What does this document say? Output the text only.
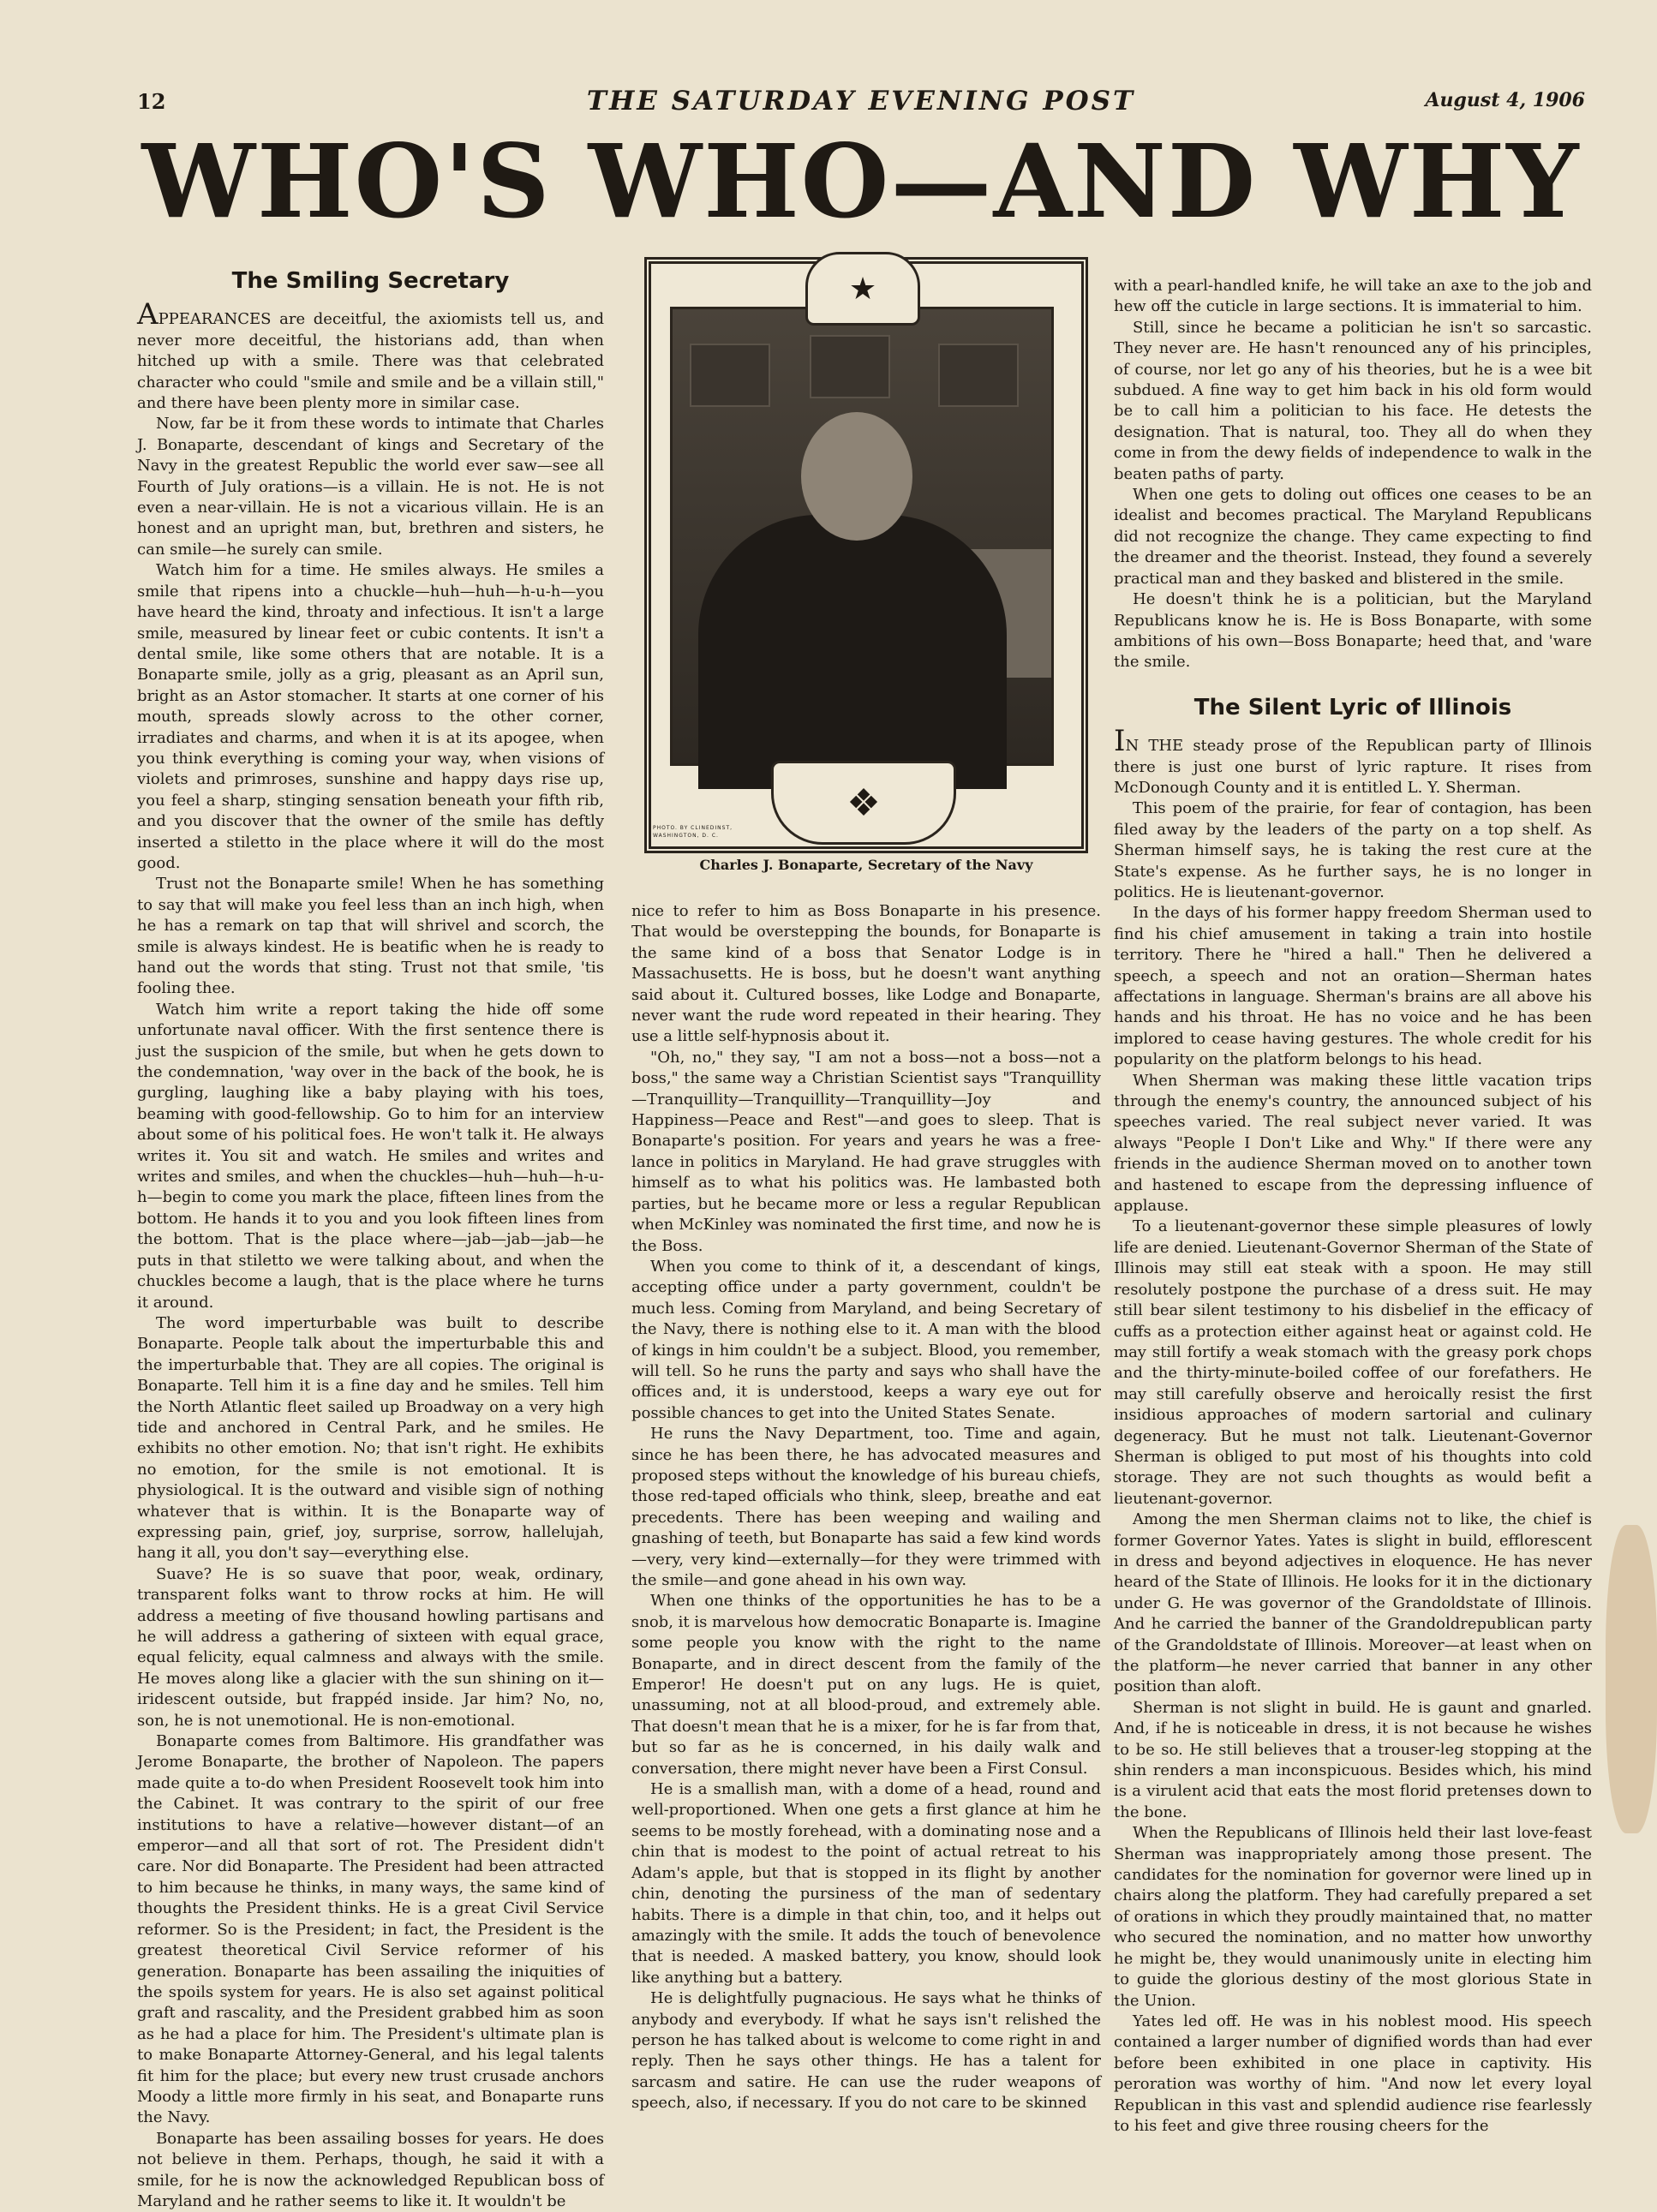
12	THE SATURDAY EVENING POST	August 4, 1906
WHO'S WHO—AND WHY
The Smiling Secretary

APPEARANCES are deceitful, the axiomists tell us, and never more deceitful, the historians add, than when hitched up with a smile. There was that celebrated character who could "smile and smile and be a villain still," and there have been plenty more in similar case.

Now, far be it from these words to intimate that Charles J. Bonaparte, descendant of kings and Secretary of the Navy in the greatest Republic the world ever saw—see all Fourth of July orations—is a villain. He is not. He is not even a near-villain. He is not a vicarious villain. He is an honest and an upright man, but, brethren and sisters, he can smile—he surely can smile.

Watch him for a time. He smiles always. He smiles a smile that ripens into a chuckle—huh—huh—h-u-h—you have heard the kind, throaty and infectious. It isn't a large smile, measured by linear feet or cubic contents. It isn't a dental smile, like some others that are notable. It is a Bonaparte smile, jolly as a grig, pleasant as an April sun, bright as an Astor stomacher. It starts at one corner of his mouth, spreads slowly across to the other corner, irradiates and charms, and when it is at its apogee, when you think everything is coming your way, when visions of violets and primroses, sunshine and happy days rise up, you feel a sharp, stinging sensation beneath your fifth rib, and you discover that the owner of the smile has deftly inserted a stiletto in the place where it will do the most good.

Trust not the Bonaparte smile! When he has something to say that will make you feel less than an inch high, when he has a remark on tap that will shrivel and scorch, the smile is always kindest. He is beatific when he is ready to hand out the words that sting. Trust not that smile, 'tis fooling thee.

Watch him write a report taking the hide off some unfortunate naval officer. With the first sentence there is just the suspicion of the smile, but when he gets down to the condemnation, 'way over in the back of the book, he is gurgling, laughing like a baby playing with his toes, beaming with good-fellowship. Go to him for an interview about some of his political foes. He won't talk it. He always writes it. You sit and watch. He smiles and writes and writes and smiles, and when the chuckles—huh—huh—h-u-h—begin to come you mark the place, fifteen lines from the bottom. He hands it to you and you look fifteen lines from the bottom. That is the place where—jab—jab—jab—he puts in that stiletto we were talking about, and when the chuckles become a laugh, that is the place where he turns it around.

The word imperturbable was built to describe Bonaparte. People talk about the imperturbable this and the imperturbable that. They are all copies. The original is Bonaparte. Tell him it is a fine day and he smiles. Tell him the North Atlantic fleet sailed up Broadway on a very high tide and anchored in Central Park, and he smiles. He exhibits no other emotion. No; that isn't right. He exhibits no emotion, for the smile is not emotional. It is physiological. It is the outward and visible sign of nothing whatever that is within. It is the Bonaparte way of expressing pain, grief, joy, surprise, sorrow, hallelujah, hang it all, you don't say—everything else.

Suave? He is so suave that poor, weak, ordinary, transparent folks want to throw rocks at him. He will address a meeting of five thousand howling partisans and he will address a gathering of sixteen with equal grace, equal felicity, equal calmness and always with the smile. He moves along like a glacier with the sun shining on it—iridescent outside, but frappéd inside. Jar him? No, no, son, he is not unemotional. He is non-emotional.

Bonaparte comes from Baltimore. His grandfather was Jerome Bonaparte, the brother of Napoleon. The papers made quite a to-do when President Roosevelt took him into the Cabinet. It was contrary to the spirit of our free institutions to have a relative—however distant—of an emperor—and all that sort of rot. The President didn't care. Nor did Bonaparte. The President had been attracted to him because he thinks, in many ways, the same kind of thoughts the President thinks. He is a great Civil Service reformer. So is the President; in fact, the President is the greatest theoretical Civil Service reformer of his generation. Bonaparte has been assailing the iniquities of the spoils system for years. He is also set against political graft and rascality, and the President grabbed him as soon as he had a place for him. The President's ultimate plan is to make Bonaparte Attorney-General, and his legal talents fit him for the place; but every new trust crusade anchors Moody a little more firmly in his seat, and Bonaparte runs the Navy.

Bonaparte has been assailing bosses for years. He does not believe in them. Perhaps, though, he said it with a smile, for he is now the acknowledged Republican boss of Maryland and he rather seems to like it. It wouldn't be

★
❖
PHOTO. BY CLINEDINST, WASHINGTON, D. C.
Charles J. Bonaparte, Secretary of the Navy

nice to refer to him as Boss Bonaparte in his presence. That would be overstepping the bounds, for Bonaparte is the same kind of a boss that Senator Lodge is in Massachusetts. He is boss, but he doesn't want anything said about it. Cultured bosses, like Lodge and Bonaparte, never want the rude word repeated in their hearing. They use a little self-hypnosis about it.

"Oh, no," they say, "I am not a boss—not a boss—not a boss," the same way a Christian Scientist says "Tranquillity—Tranquillity—Tranquillity—Tranquillity—Joy and Happiness—Peace and Rest"—and goes to sleep. That is Bonaparte's position. For years and years he was a free-lance in politics in Maryland. He had grave struggles with himself as to what his politics was. He lambasted both parties, but he became more or less a regular Republican when McKinley was nominated the first time, and now he is the Boss.

When you come to think of it, a descendant of kings, accepting office under a party government, couldn't be much less. Coming from Maryland, and being Secretary of the Navy, there is nothing else to it. A man with the blood of kings in him couldn't be a subject. Blood, you remember, will tell. So he runs the party and says who shall have the offices and, it is understood, keeps a wary eye out for possible chances to get into the United States Senate.

He runs the Navy Department, too. Time and again, since he has been there, he has advocated measures and proposed steps without the knowledge of his bureau chiefs, those red-taped officials who think, sleep, breathe and eat precedents. There has been weeping and wailing and gnashing of teeth, but Bonaparte has said a few kind words—very, very kind—externally—for they were trimmed with the smile—and gone ahead in his own way.

When one thinks of the opportunities he has to be a snob, it is marvelous how democratic Bonaparte is. Imagine some people you know with the right to the name Bonaparte, and in direct descent from the family of the Emperor! He doesn't put on any lugs. He is quiet, unassuming, not at all blood-proud, and extremely able. That doesn't mean that he is a mixer, for he is far from that, but so far as he is concerned, in his daily walk and conversation, there might never have been a First Consul.

He is a smallish man, with a dome of a head, round and well-proportioned. When one gets a first glance at him he seems to be mostly forehead, with a dominating nose and a chin that is modest to the point of actual retreat to his Adam's apple, but that is stopped in its flight by another chin, denoting the pursiness of the man of sedentary habits. There is a dimple in that chin, too, and it helps out amazingly with the smile. It adds the touch of benevolence that is needed. A masked battery, you know, should look like anything but a battery.

He is delightfully pugnacious. He says what he thinks of anybody and everybody. If what he says isn't relished the person he has talked about is welcome to come right in and reply. Then he says other things. He has a talent for sarcasm and satire. He can use the ruder weapons of speech, also, if necessary. If you do not care to be skinned

with a pearl-handled knife, he will take an axe to the job and hew off the cuticle in large sections. It is immaterial to him.

Still, since he became a politician he isn't so sarcastic. They never are. He hasn't renounced any of his principles, of course, nor let go any of his theories, but he is a wee bit subdued. A fine way to get him back in his old form would be to call him a politician to his face. He detests the designation. That is natural, too. They all do when they come in from the dewy fields of independence to walk in the beaten paths of party.

When one gets to doling out offices one ceases to be an idealist and becomes practical. The Maryland Republicans did not recognize the change. They came expecting to find the dreamer and the theorist. Instead, they found a severely practical man and they basked and blistered in the smile.

He doesn't think he is a politician, but the Maryland Republicans know he is. He is Boss Bonaparte, with some ambitions of his own—Boss Bonaparte; heed that, and 'ware the smile.

The Silent Lyric of Illinois

IN THE steady prose of the Republican party of Illinois there is just one burst of lyric rapture. It rises from McDonough County and it is entitled L. Y. Sherman.

This poem of the prairie, for fear of contagion, has been filed away by the leaders of the party on a top shelf. As Sherman himself says, he is taking the rest cure at the State's expense. As he further says, he is no longer in politics. He is lieutenant-governor.

In the days of his former happy freedom Sherman used to find his chief amusement in taking a train into hostile territory. There he "hired a hall." Then he delivered a speech, a speech and not an oration—Sherman hates affectations in language. Sherman's brains are all above his hands and his throat. He has no voice and he has been implored to cease having gestures. The whole credit for his popularity on the platform belongs to his head.

When Sherman was making these little vacation trips through the enemy's country, the announced subject of his speeches varied. The real subject never varied. It was always "People I Don't Like and Why." If there were any friends in the audience Sherman moved on to another town and hastened to escape from the depressing influence of applause.

To a lieutenant-governor these simple pleasures of lowly life are denied. Lieutenant-Governor Sherman of the State of Illinois may still eat steak with a spoon. He may still resolutely postpone the purchase of a dress suit. He may still bear silent testimony to his disbelief in the efficacy of cuffs as a protection either against heat or against cold. He may still fortify a weak stomach with the greasy pork chops and the thirty-minute-boiled coffee of our forefathers. He may still carefully observe and heroically resist the first insidious approaches of modern sartorial and culinary degeneracy. But he must not talk. Lieutenant-Governor Sherman is obliged to put most of his thoughts into cold storage. They are not such thoughts as would befit a lieutenant-governor.

Among the men Sherman claims not to like, the chief is former Governor Yates. Yates is slight in build, efflorescent in dress and beyond adjectives in eloquence. He has never heard of the State of Illinois. He looks for it in the dictionary under G. He was governor of the Grandoldstate of Illinois. And he carried the banner of the Grandoldrepublican party of the Grandoldstate of Illinois. Moreover—at least when on the platform—he never carried that banner in any other position than aloft.

Sherman is not slight in build. He is gaunt and gnarled. And, if he is noticeable in dress, it is not because he wishes to be so. He still believes that a trouser-leg stopping at the shin renders a man inconspicuous. Besides which, his mind is a virulent acid that eats the most florid pretenses down to the bone.

When the Republicans of Illinois held their last love-feast Sherman was inappropriately among those present. The candidates for the nomination for governor were lined up in chairs along the platform. They had carefully prepared a set of orations in which they proudly maintained that, no matter who secured the nomination, and no matter how unworthy he might be, they would unanimously unite in electing him to guide the glorious destiny of the most glorious State in the Union.

Yates led off. He was in his noblest mood. His speech contained a larger number of dignified words than had ever before been exhibited in one place in captivity. His peroration was worthy of him. "And now let every loyal Republican in this vast and splendid audience rise fearlessly to his feet and give three rousing cheers for the
